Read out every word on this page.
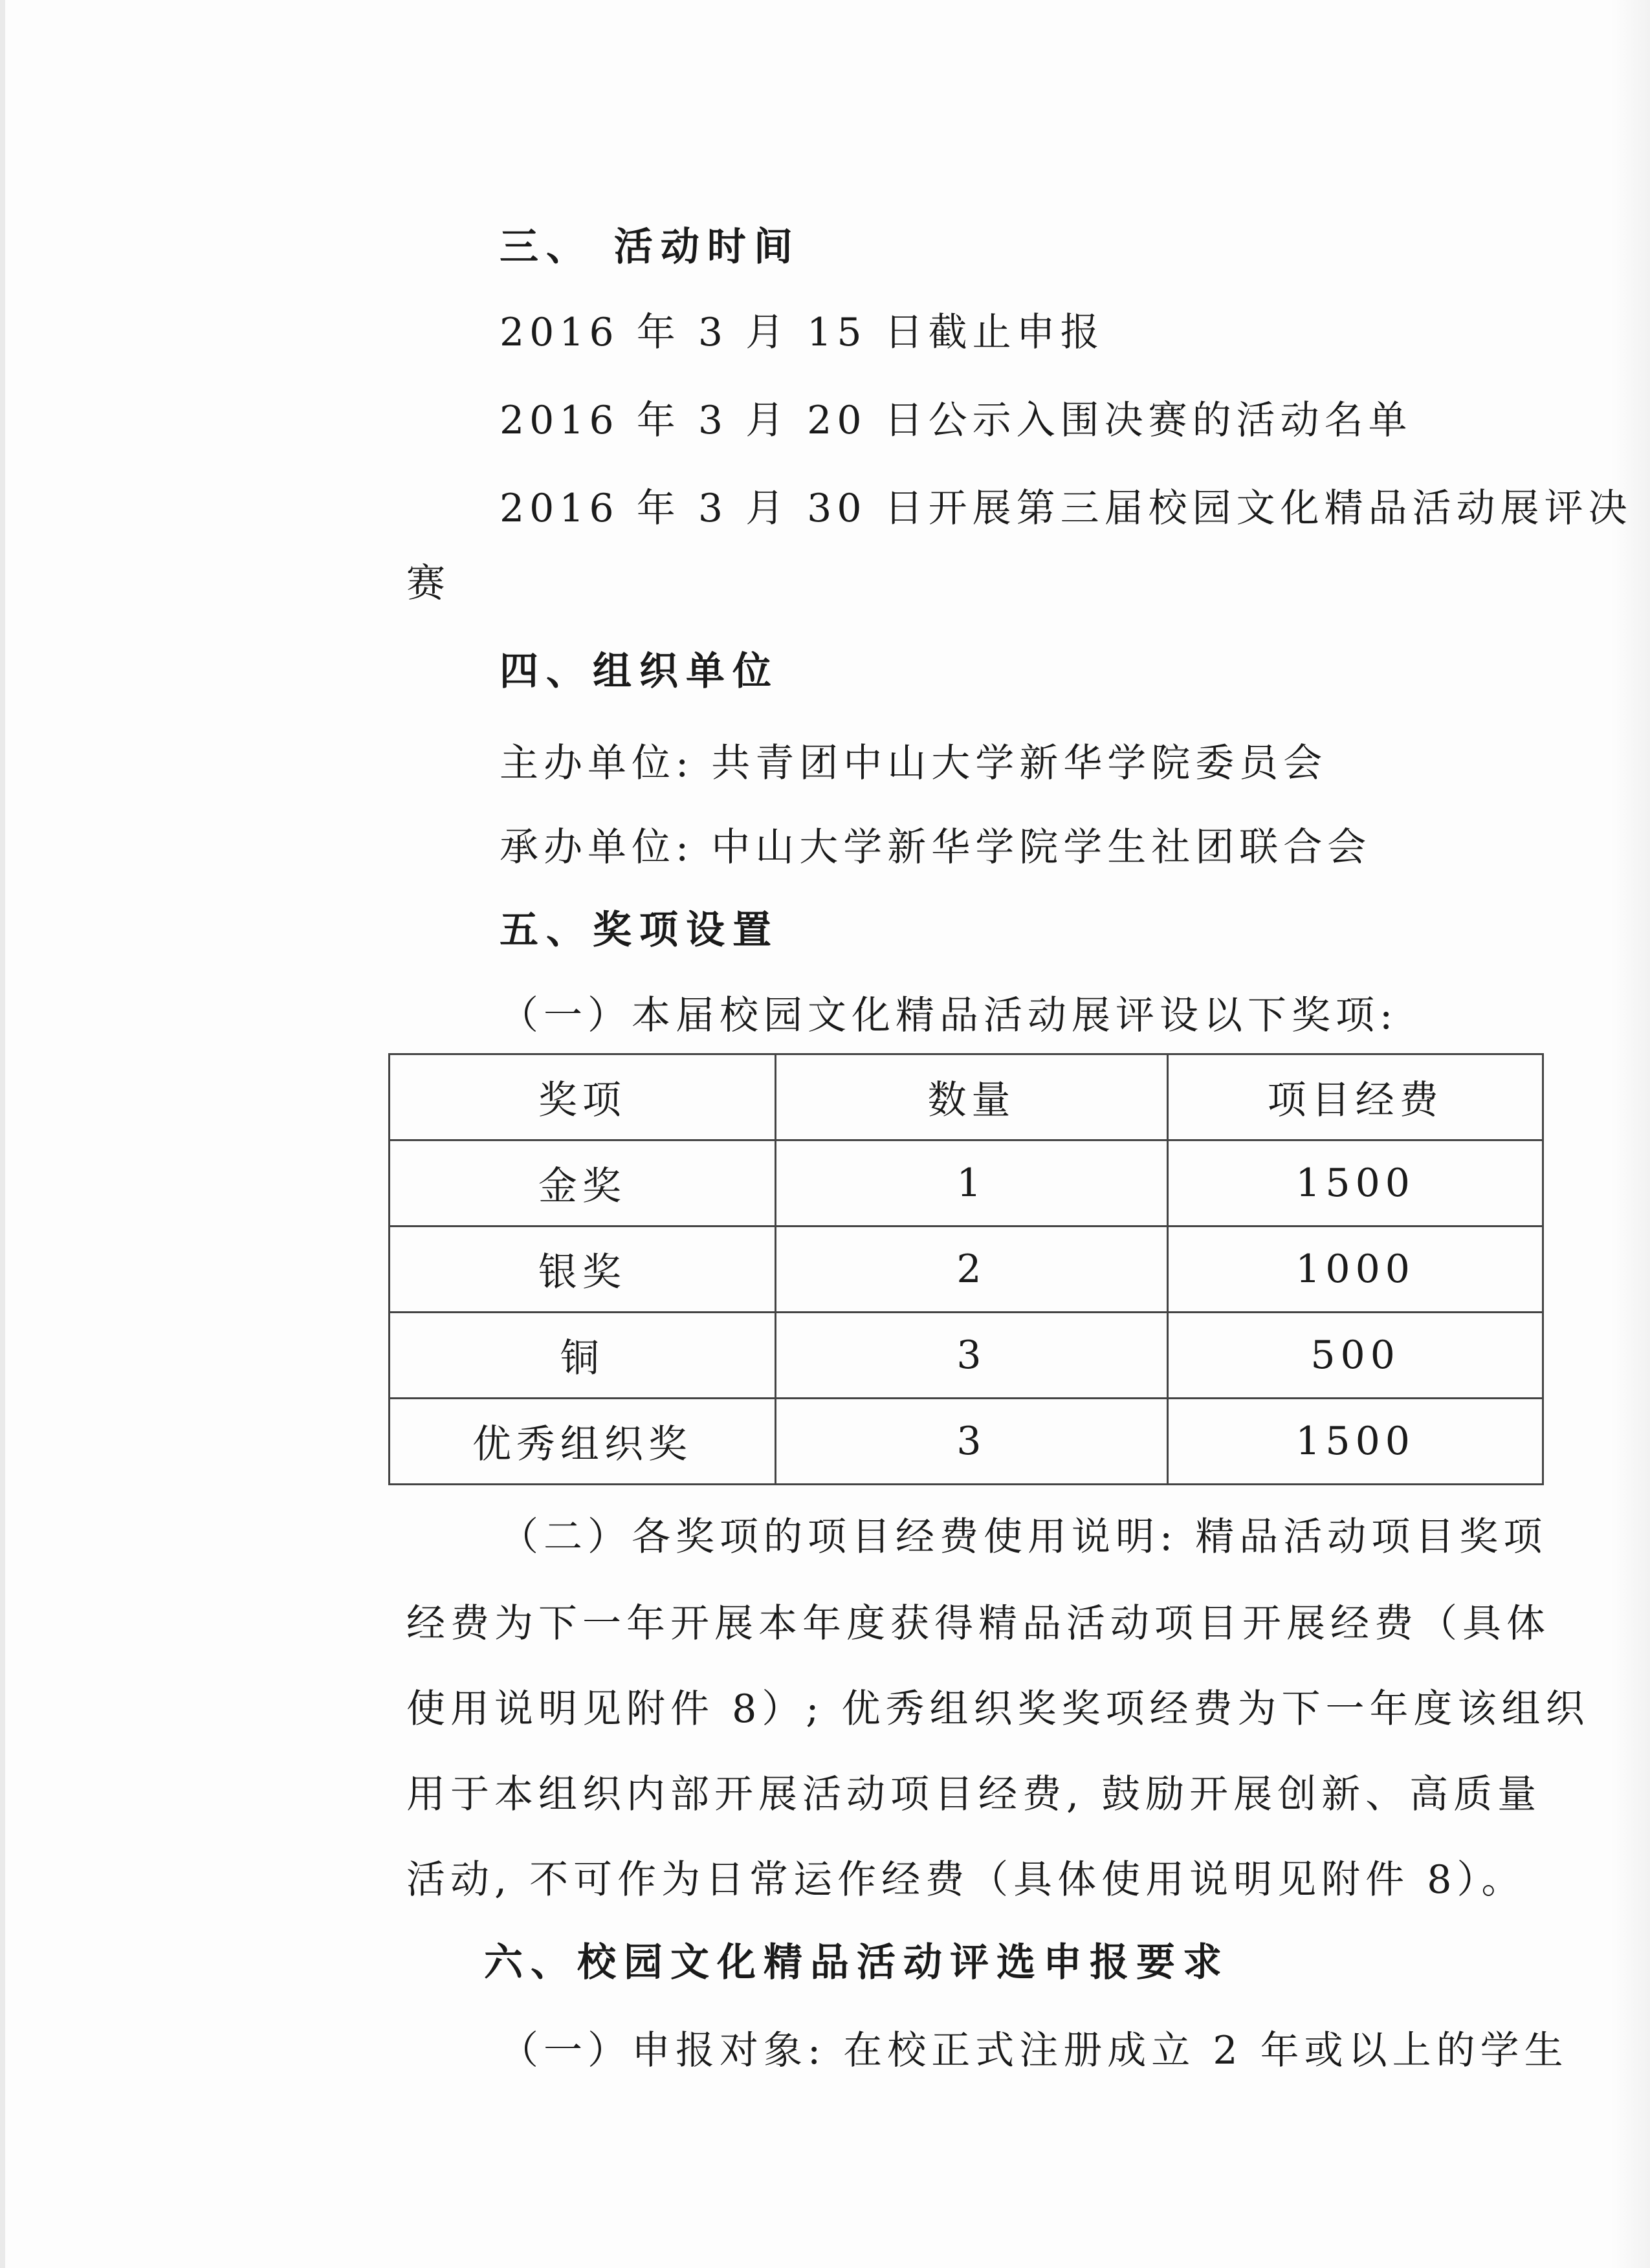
三、 活动时间
2016 年 3 月 15 日截止申报
2016 年 3 月 20 日公示入围决赛的活动名单
2016 年 3 月 30 日开展第三届校园文化精品活动展评决
赛
四、组织单位
主办单位: 共青团中山大学新华学院委员会
承办单位: 中山大学新华学院学生社团联合会
五、奖项设置
（一）本届校园文化精品活动展评设以下奖项:
奖项	数量	项目经费
金奖	1	1500
银奖	2	1000
铜	3	500
优秀组织奖	3	1500
（二）各奖项的项目经费使用说明: 精品活动项目奖项
经费为下一年开展本年度获得精品活动项目开展经费（具体
使用说明见附件 8）; 优秀组织奖奖项经费为下一年度该组织
用于本组织内部开展活动项目经费, 鼓励开展创新、高质量
活动, 不可作为日常运作经费（具体使用说明见附件 8）。
六、校园文化精品活动评选申报要求
（一）申报对象: 在校正式注册成立 2 年或以上的学生
